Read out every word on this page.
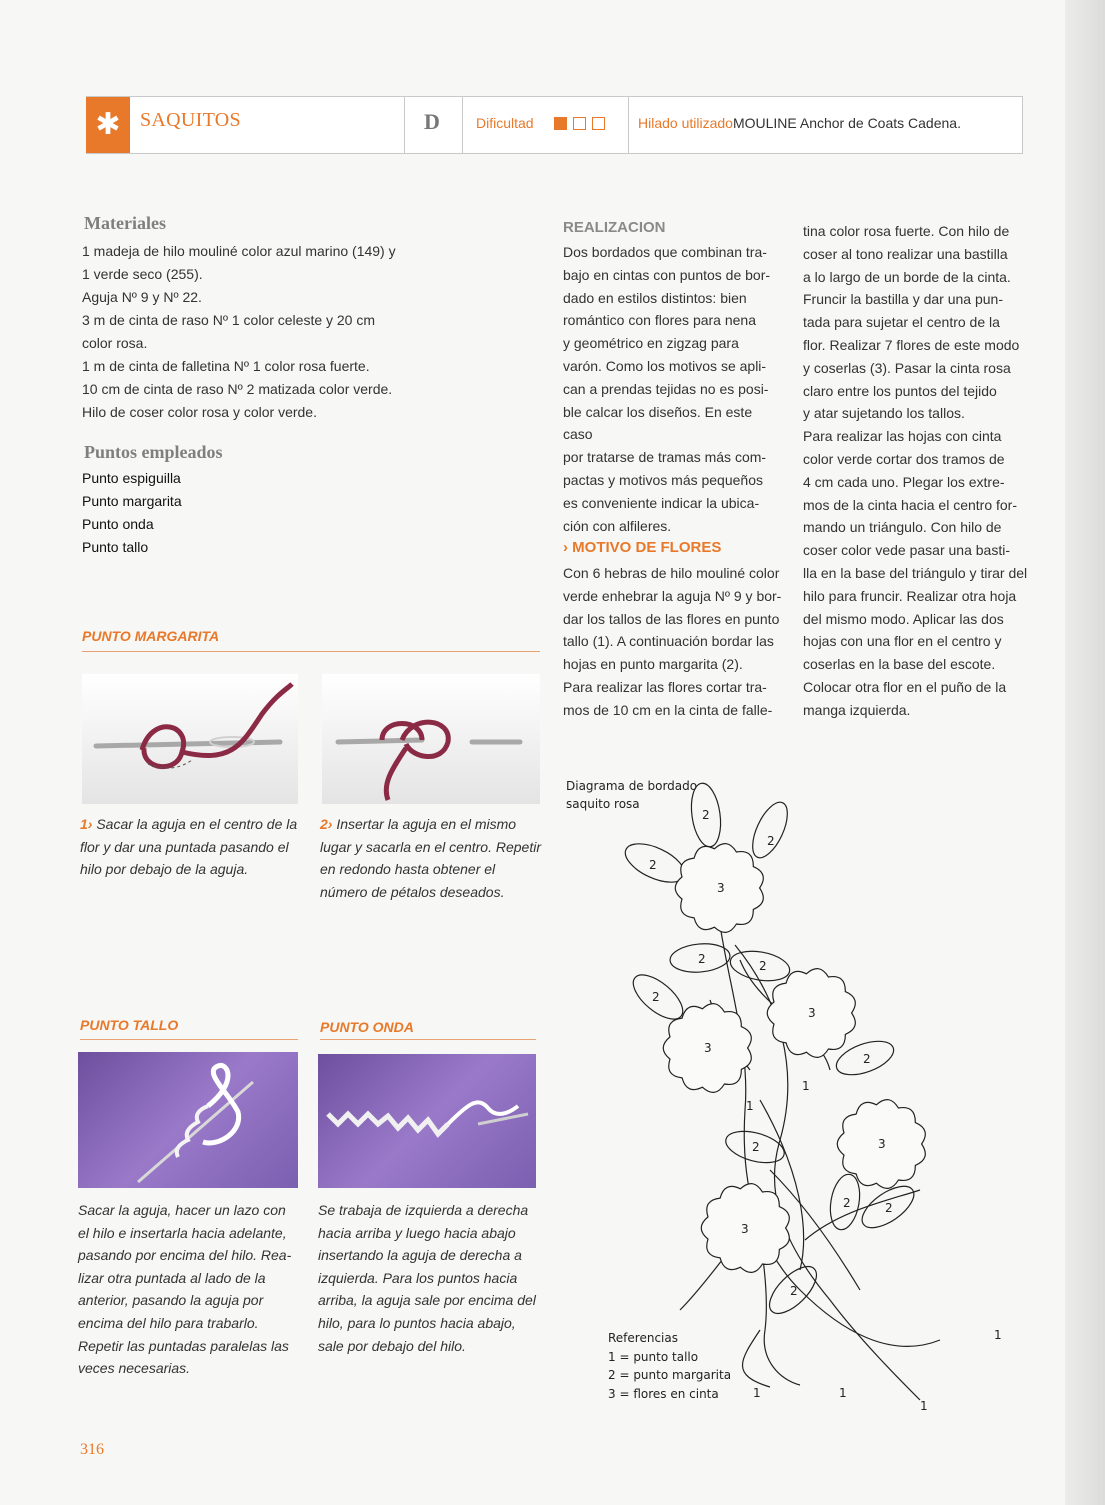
✱ SAQUITOS	D	Dificultad	Hilado utilizadoMOULINE Anchor de Coats Cadena.
Materiales
1 madeja de hilo mouliné color azul marino (149) y
1 verde seco (255).
Aguja Nº 9 y Nº 22.
3 m de cinta de raso Nº 1 color celeste y 20 cm
color rosa.
1 m de cinta de falletina Nº 1 color rosa fuerte.
10 cm de cinta de raso Nº 2 matizada color verde.
Hilo de coser color rosa y color verde.
Puntos empleados
Punto espiguilla
Punto margarita
Punto onda
Punto tallo
PUNTO MARGARITA
1› Sacar la aguja en el centro de la
flor y dar una puntada pasando el
hilo por debajo de la aguja.
2› Insertar la aguja en el mismo
lugar y sacarla en el centro. Repetir
en redondo hasta obtener el
número de pétalos deseados.
PUNTO TALLO
Sacar la aguja, hacer un lazo con
el hilo e insertarla hacia adelante,
pasando por encima del hilo. Rea-
lizar otra puntada al lado de la
anterior, pasando la aguja por
encima del hilo para trabarlo.
Repetir las puntadas paralelas las
veces necesarias.
PUNTO ONDA
Se trabaja de izquierda a derecha
hacia arriba y luego hacia abajo
insertando la aguja de derecha a
izquierda. Para los puntos hacia
arriba, la aguja sale por encima del
hilo, para lo puntos hacia abajo,
sale por debajo del hilo.
REALIZACION
Dos bordados que combinan tra-
bajo en cintas con puntos de bor-
dado en estilos distintos: bien
romántico con flores para nena
y geométrico en zigzag para
varón. Como los motivos se apli-
can a prendas tejidas no es posi-
ble calcar los diseños. En este caso
por tratarse de tramas más com-
pactas y motivos más pequeños
es conveniente indicar la ubica-
ción con alfileres.
› MOTIVO DE FLORES
Con 6 hebras de hilo mouliné color
verde enhebrar la aguja Nº 9 y bor-
dar los tallos de las flores en punto
tallo (1). A continuación bordar las
hojas en punto margarita (2).
Para realizar las flores cortar tra-
mos de 10 cm en la cinta de falle-
tina color rosa fuerte. Con hilo de
coser al tono realizar una bastilla
a lo largo de un borde de la cinta.
Fruncir la bastilla y dar una pun-
tada para sujetar el centro de la
flor. Realizar 7 flores de este modo
y coserlas (3). Pasar la cinta rosa
claro entre los puntos del tejido
y atar sujetando los tallos.
Para realizar las hojas con cinta
color verde cortar dos tramos de
4 cm cada uno. Plegar los extre-
mos de la cinta hacia el centro for-
mando un triángulo. Con hilo de
coser color vede pasar una basti-
lla en la base del triángulo y tirar del
hilo para fruncir. Realizar otra hoja
del mismo modo. Aplicar las dos
hojas con una flor en el centro y
coserlas en la base del escote.
Colocar otra flor en el puño de la
manga izquierda.
Diagrama de bordado
saquito rosa
2
2
2
2	2
2
2
2
2	2
2
3
3
3
3
3
1
1
1
1	1
1
Referencias
1 = punto tallo
2 = punto margarita
3 = flores en cinta
316
